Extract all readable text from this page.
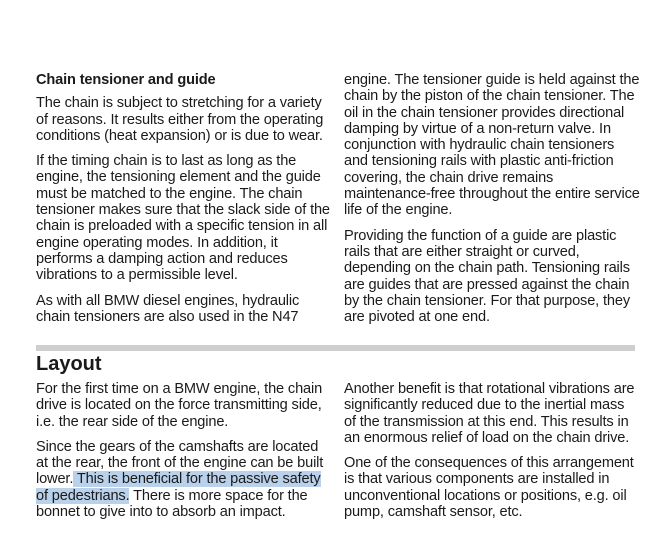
Chain tensioner and guide

The chain is subject to stretching for a variety of reasons. It results either from the operating conditions (heat expansion) or is due to wear.

If the timing chain is to last as long as the engine, the tensioning element and the guide must be matched to the engine. The chain tensioner makes sure that the slack side of the chain is preloaded with a specific tension in all engine operating modes. In addition, it performs a damping action and reduces vibrations to a permissible level.

As with all BMW diesel engines, hydraulic chain tensioners are also used in the N47

engine. The tensioner guide is held against the chain by the piston of the chain tensioner. The oil in the chain tensioner provides directional damping by virtue of a non-return valve. In conjunction with hydraulic chain tensioners and tensioning rails with plastic anti-friction covering, the chain drive remains maintenance-free throughout the entire service life of the engine.

Providing the function of a guide are plastic rails that are either straight or curved, depending on the chain path. Tensioning rails are guides that are pressed against the chain by the chain tensioner. For that purpose, they are pivoted at one end.

Layout

For the first time on a BMW engine, the chain drive is located on the force transmitting side, i.e. the rear side of the engine.

Since the gears of the camshafts are located at the rear, the front of the engine can be built lower. This is beneficial for the passive safety of pedestrians. There is more space for the bonnet to give into to absorb an impact.

Another benefit is that rotational vibrations are significantly reduced due to the inertial mass of the transmission at this end. This results in an enormous relief of load on the chain drive.

One of the consequences of this arrangement is that various components are installed in unconventional locations or positions, e.g. oil pump, camshaft sensor, etc.
